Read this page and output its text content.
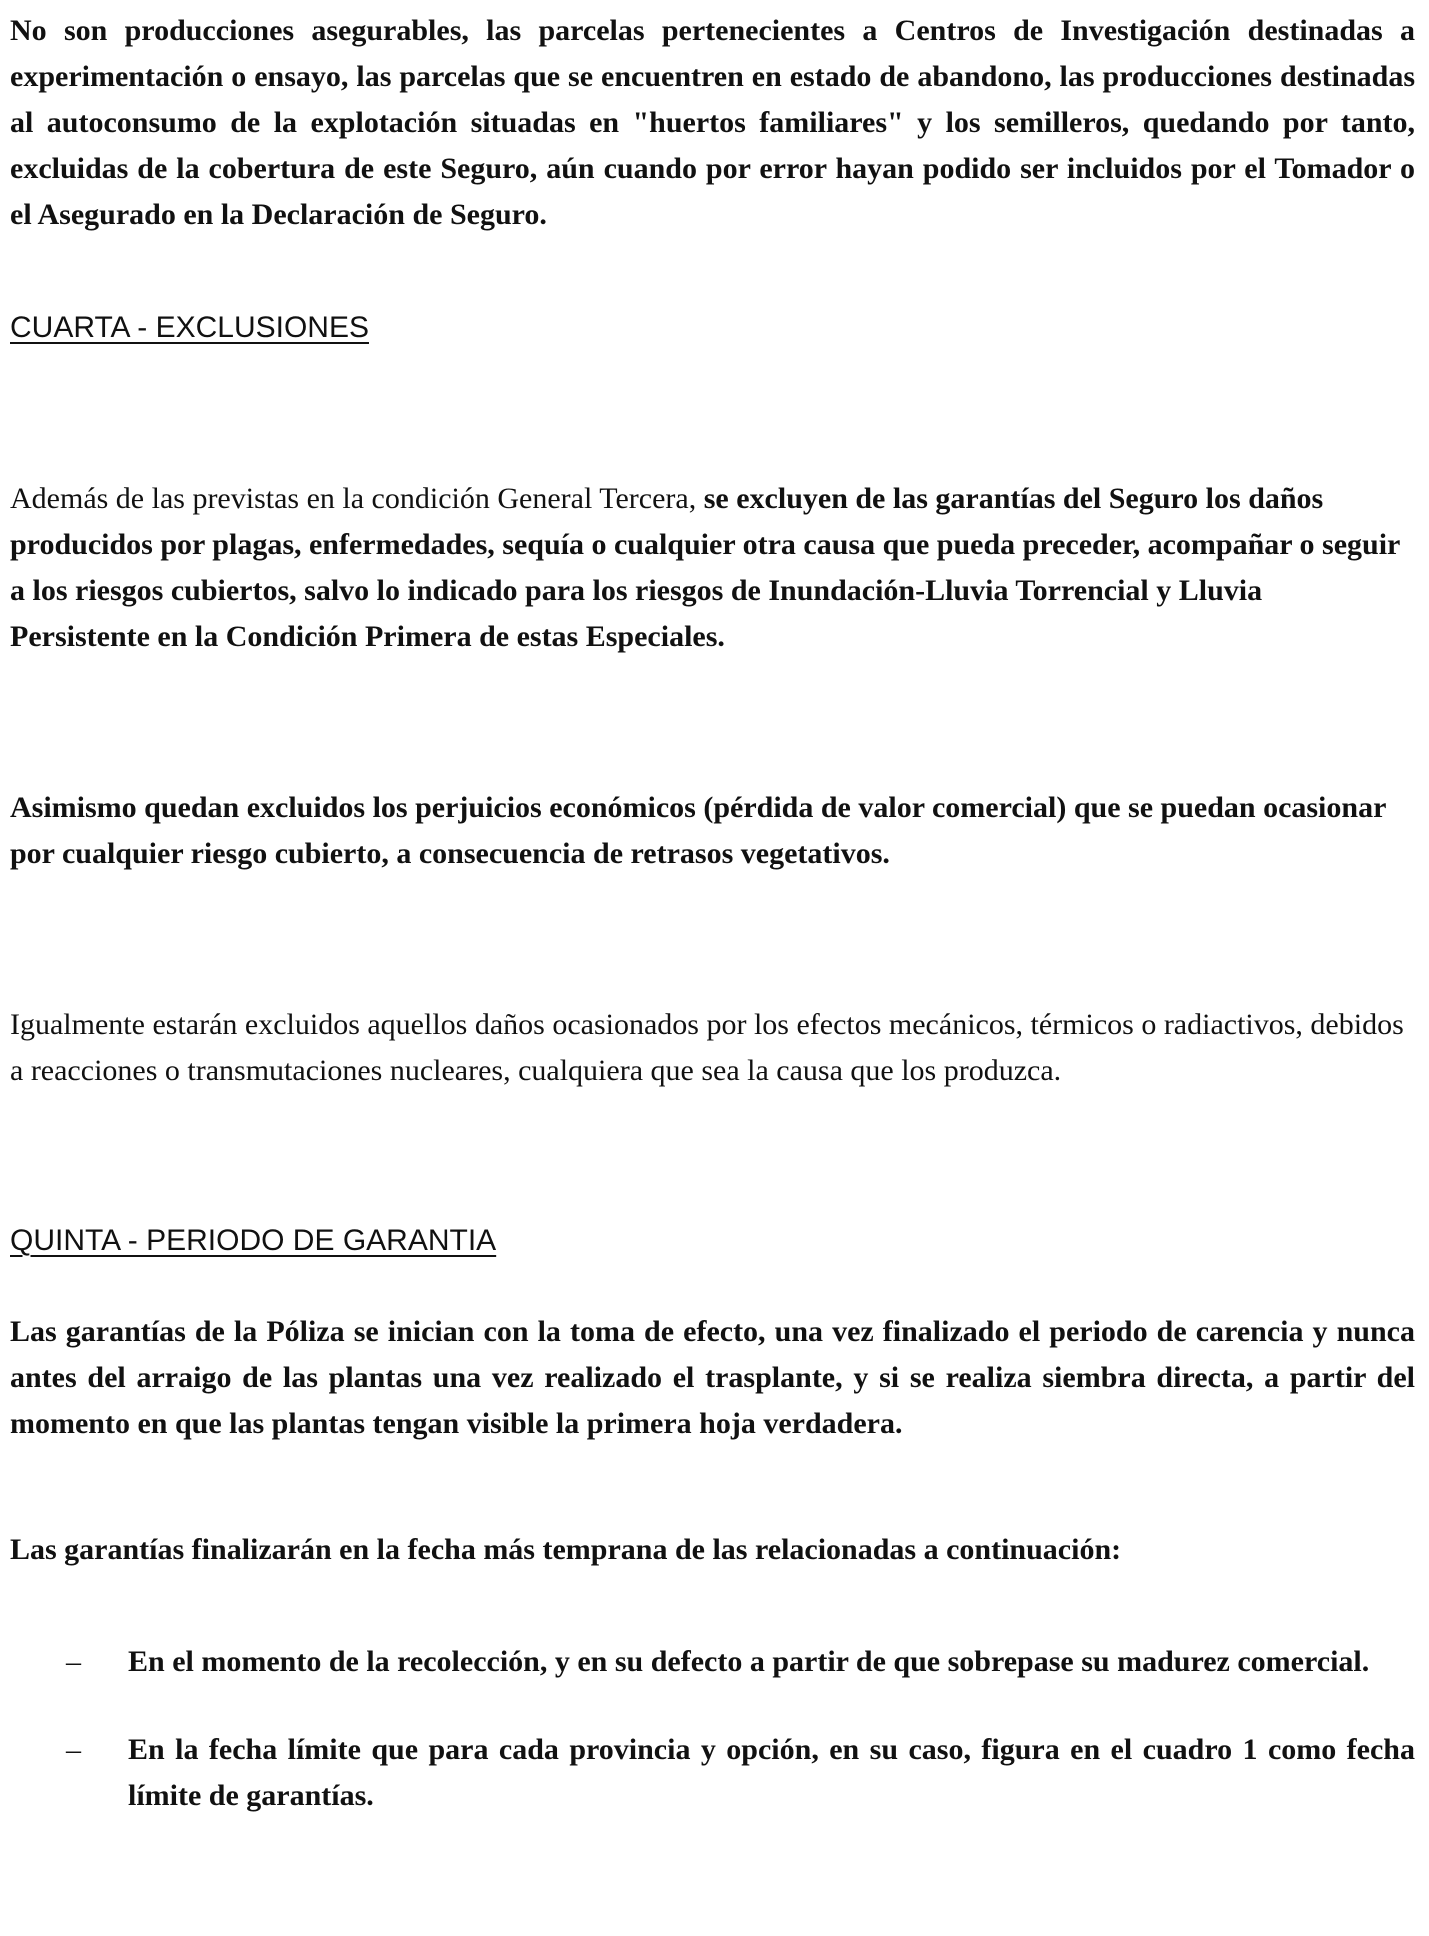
No son producciones asegurables, las parcelas pertenecientes a Centros de Investigación destinadas a experimentación o ensayo, las parcelas que se encuentren en estado de abandono, las producciones destinadas al autoconsumo de la explotación situadas en "huertos familiares" y los semilleros, quedando por tanto, excluidas de la cobertura de este Seguro, aún cuando por error hayan podido ser incluidos por el Tomador o el Asegurado en la Declaración de Seguro.

CUARTA - EXCLUSIONES

Además de las previstas en la condición General Tercera, se excluyen de las garantías del Seguro los daños producidos por plagas, enfermedades, sequía o cualquier otra causa que pueda preceder, acompañar o seguir a los riesgos cubiertos, salvo lo indicado para los riesgos de Inundación-Lluvia Torrencial y Lluvia Persistente en la Condición Primera de estas Especiales.

Asimismo quedan excluidos los perjuicios económicos (pérdida de valor comercial) que se puedan ocasionar por cualquier riesgo cubierto, a consecuencia de retrasos vegetativos.

Igualmente estarán excluidos aquellos daños ocasionados por los efectos mecánicos, térmicos o radiactivos, debidos a reacciones o transmutaciones nucleares, cualquiera que sea la causa que los produzca.

QUINTA - PERIODO DE GARANTIA

Las garantías de la Póliza se inician con la toma de efecto, una vez finalizado el periodo de carencia y nunca antes del arraigo de las plantas una vez realizado el trasplante, y si se realiza siembra directa, a partir del momento en que las plantas tengan visible la primera hoja verdadera.

Las garantías finalizarán en la fecha más temprana de las relacionadas a continuación:

– En el momento de la recolección, y en su defecto a partir de que sobrepase su madurez comercial.
– En la fecha límite que para cada provincia y opción, en su caso, figura en el cuadro 1 como fecha límite de garantías.
